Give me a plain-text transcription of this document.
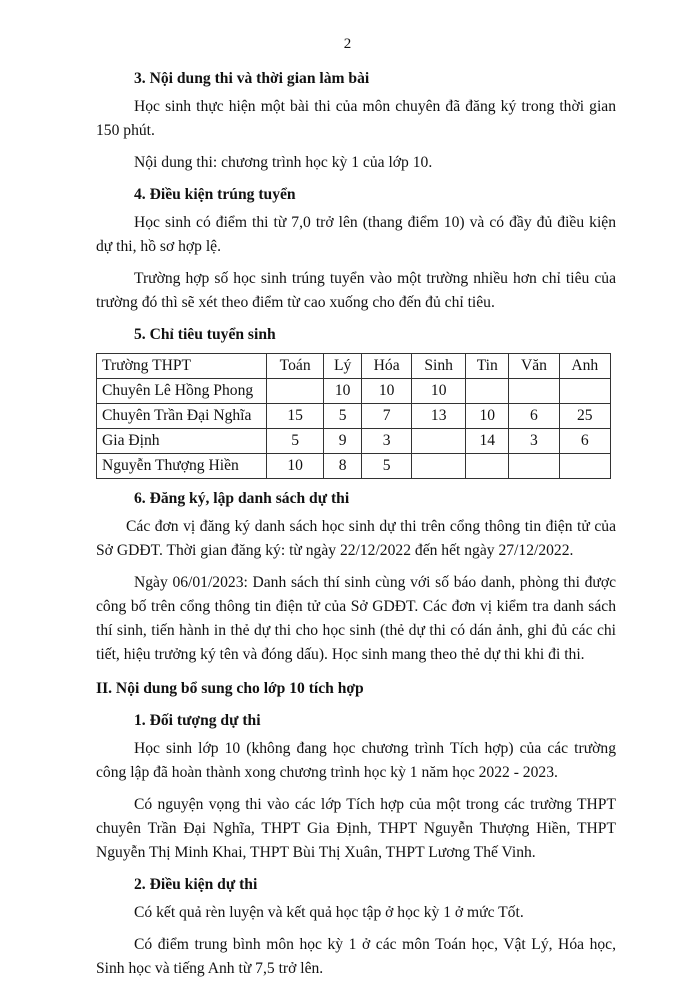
2

3. Nội dung thi và thời gian làm bài

Học sinh thực hiện một bài thi của môn chuyên đã đăng ký trong thời gian 150 phút.

Nội dung thi: chương trình học kỳ 1 của lớp 10.

4. Điều kiện trúng tuyển

Học sinh có điểm thi từ 7,0 trở lên (thang điểm 10) và có đầy đủ điều kiện dự thi, hồ sơ hợp lệ.

Trường hợp số học sinh trúng tuyển vào một trường nhiều hơn chỉ tiêu của trường đó thì sẽ xét theo điểm từ cao xuống cho đến đủ chỉ tiêu.

5. Chỉ tiêu tuyển sinh

Trường THPT	Toán	Lý	Hóa	Sinh	Tin	Văn	Anh
Chuyên Lê Hồng Phong		10	10	10			
Chuyên Trần Đại Nghĩa	15	5	7	13	10	6	25
Gia Định	5	9	3		14	3	6
Nguyễn Thượng Hiền	10	8	5				

6. Đăng ký, lập danh sách dự thi

Các đơn vị đăng ký danh sách học sinh dự thi trên cổng thông tin điện tử của Sở GDĐT. Thời gian đăng ký: từ ngày 22/12/2022 đến hết ngày 27/12/2022.

Ngày 06/01/2023: Danh sách thí sinh cùng với số báo danh, phòng thi được công bố trên cổng thông tin điện tử của Sở GDĐT. Các đơn vị kiểm tra danh sách thí sinh, tiến hành in thẻ dự thi cho học sinh (thẻ dự thi có dán ảnh, ghi đủ các chi tiết, hiệu trưởng ký tên và đóng dấu). Học sinh mang theo thẻ dự thi khi đi thi.

II. Nội dung bổ sung cho lớp 10 tích hợp

1. Đối tượng dự thi

Học sinh lớp 10 (không đang học chương trình Tích hợp) của các trường công lập đã hoàn thành xong chương trình học kỳ 1 năm học 2022 - 2023.

Có nguyện vọng thi vào các lớp Tích hợp của một trong các trường THPT chuyên Trần Đại Nghĩa, THPT Gia Định, THPT Nguyễn Thượng Hiền, THPT Nguyễn Thị Minh Khai, THPT Bùi Thị Xuân, THPT Lương Thế Vinh.

2. Điều kiện dự thi

Có kết quả rèn luyện và kết quả học tập ở học kỳ 1 ở mức Tốt.

Có điểm trung bình môn học kỳ 1 ở các môn Toán học, Vật Lý, Hóa học, Sinh học và tiếng Anh từ 7,5 trở lên.
